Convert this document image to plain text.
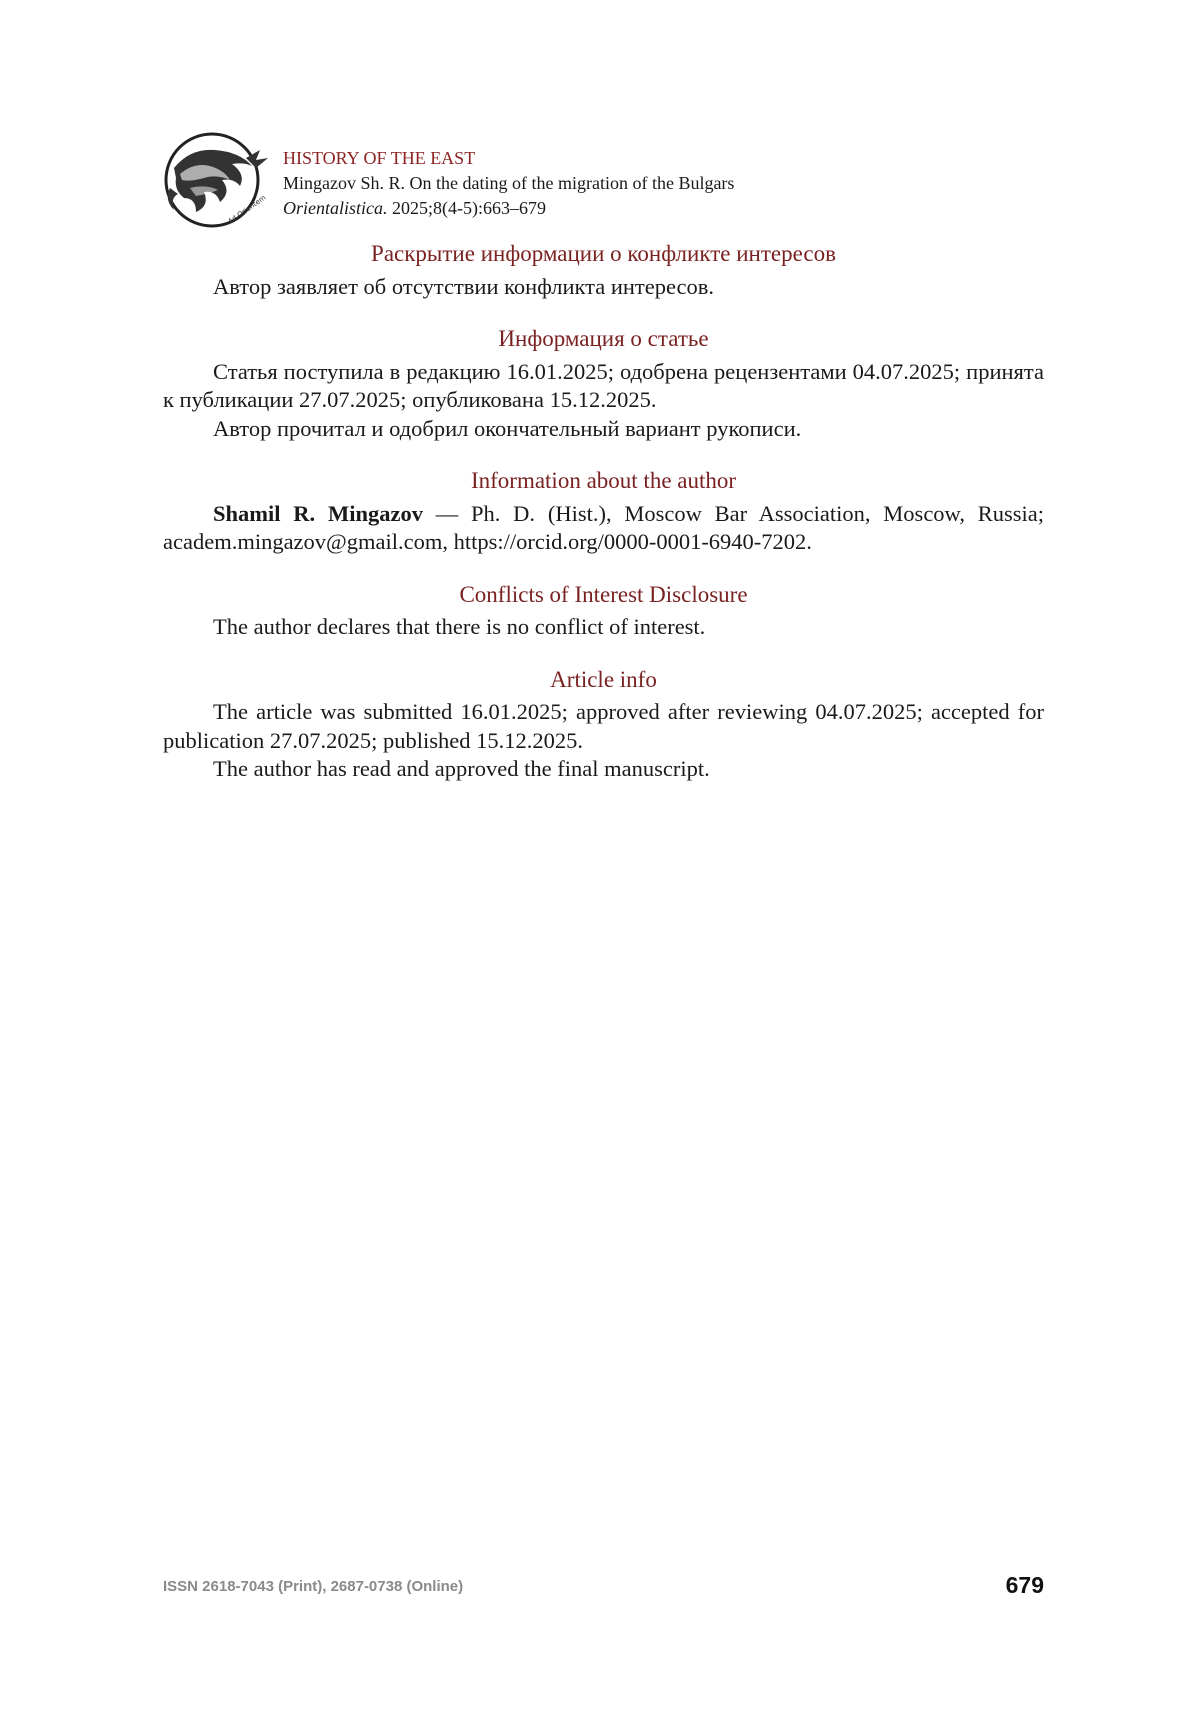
Ad Orientem
HISTORY OF THE EAST
Mingazov Sh. R. On the dating of the migration of the Bulgars
Orientalistica. 2025;8(4-5):663–679
Раскрытие информации о конфликте интересов

Автор заявляет об отсутствии конфликта интересов.

Информация о статье

Статья поступила в редакцию 16.01.2025; одобрена рецензентами 04.07.2025; принята к публикации 27.07.2025; опубликована 15.12.2025.

Автор прочитал и одобрил окончательный вариант рукописи.

Information about the author

Shamil R. Mingazov — Ph. D. (Hist.), Moscow Bar Association, Moscow, Russia; academ.mingazov@gmail.com, https://orcid.org/0000-0001-6940-7202.

Conflicts of Interest Disclosure

The author declares that there is no conflict of interest.

Article info

The article was submitted 16.01.2025; approved after reviewing 04.07.2025; accepted for publication 27.07.2025; published 15.12.2025.

The author has read and approved the final manuscript.

ISSN 2618-7043 (Print), 2687-0738 (Online)	679
